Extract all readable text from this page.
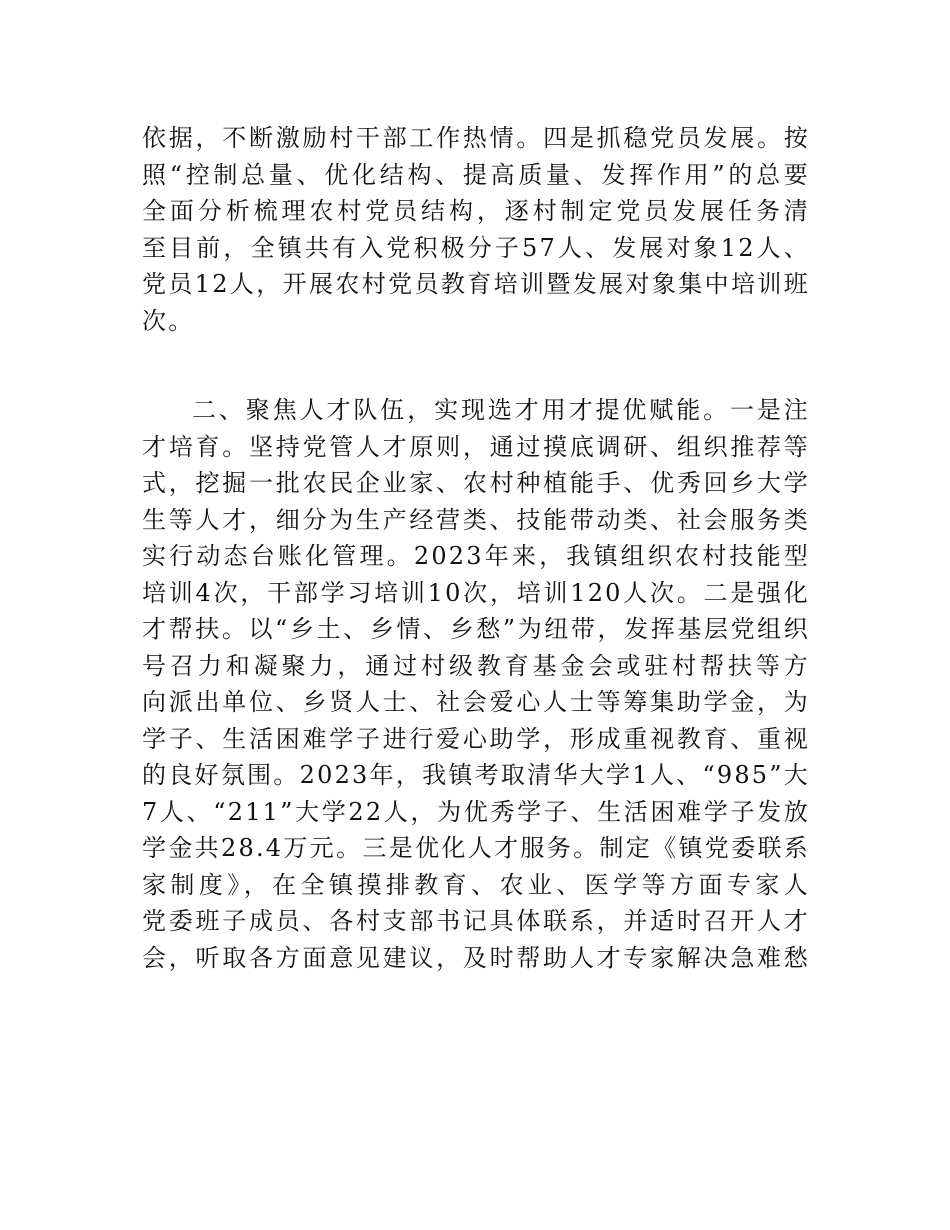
依据，不断激励村干部工作热情。四是抓稳党员发展。按
照“控制总量、优化结构、提高质量、发挥作用”的总要
全面分析梳理农村党员结构，逐村制定党员发展任务清
至目前，全镇共有入党积极分子57人、发展对象12人、
党员12人，开展农村党员教育培训暨发展对象集中培训班
次。
二、聚焦人才队伍，实现选才用才提优赋能。一是注
才培育。坚持党管人才原则，通过摸底调研、组织推荐等
式，挖掘一批农民企业家、农村种植能手、优秀回乡大学
生等人才，细分为生产经营类、技能带动类、社会服务类
实行动态台账化管理。2023年来，我镇组织农村技能型
培训4次，干部学习培训10次，培训120人次。二是强化
才帮扶。以“乡土、乡情、乡愁”为纽带，发挥基层党组织
号召力和凝聚力，通过村级教育基金会或驻村帮扶等方
向派出单位、乡贤人士、社会爱心人士等筹集助学金，为
学子、生活困难学子进行爱心助学，形成重视教育、重视
的良好氛围。2023年，我镇考取清华大学1人、“985”大
7人、“211”大学22人，为优秀学子、生活困难学子发放
学金共28.4万元。三是优化人才服务。制定《镇党委联系
家制度》，在全镇摸排教育、农业、医学等方面专家人
党委班子成员、各村支部书记具体联系，并适时召开人才
会，听取各方面意见建议，及时帮助人才专家解决急难愁
